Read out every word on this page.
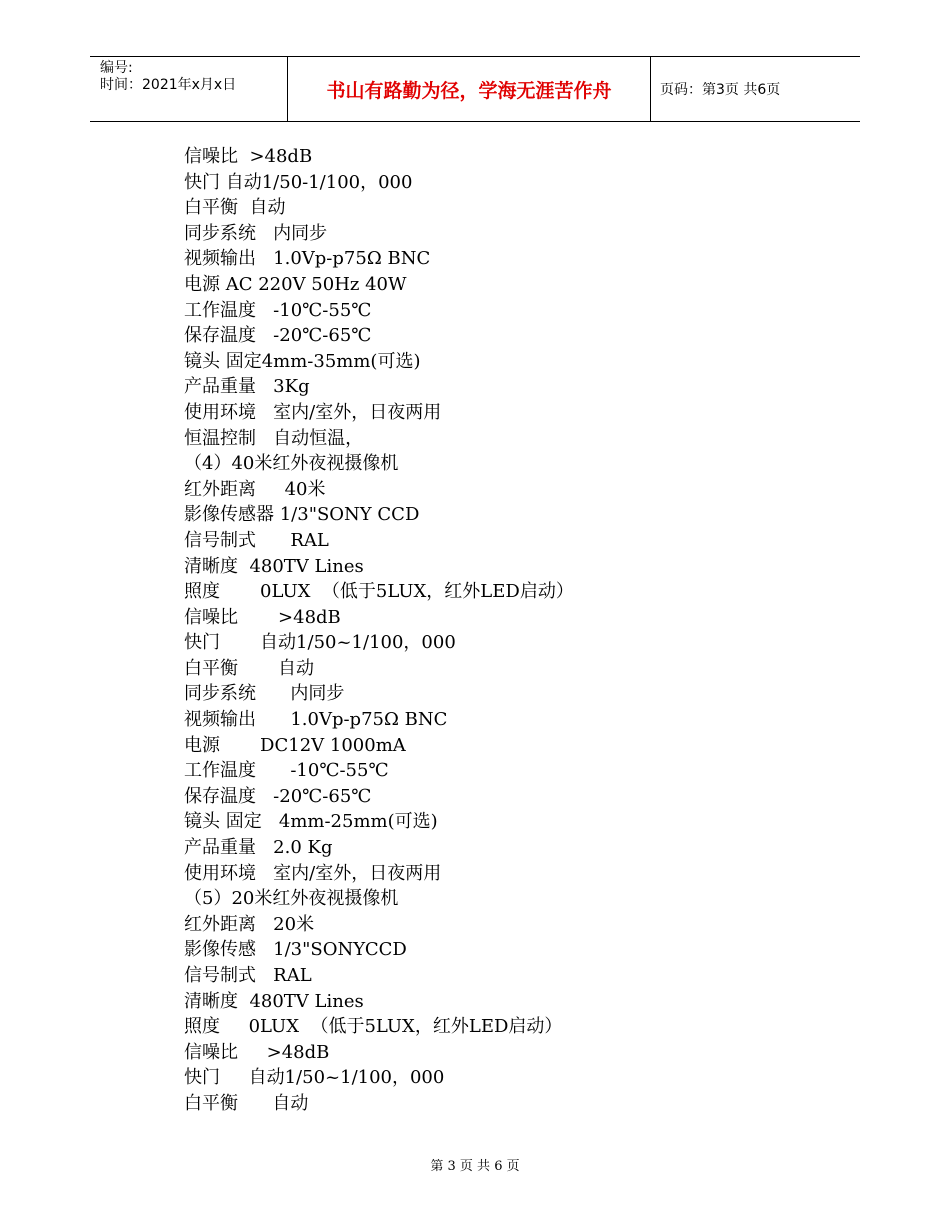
编号:
时间：2021年x月x日	书山有路勤为径，学海无涯苦作舟	页码：第3页 共6页
信噪比  >48dB
快门 自动1/50-1/100，000
白平衡  自动
同步系统   内同步
视频输出   1.0Vp-p75Ω BNC
电源 AC 220V 50Hz 40W
工作温度   -10℃-55℃
保存温度   -20℃-65℃
镜头 固定4mm-35mm(可选)
产品重量   3Kg
使用环境   室内/室外，日夜两用
恒温控制   自动恒温，
（4）40米红外夜视摄像机
红外距离     40米
影像传感器 1/3"SONY CCD
信号制式      RAL
清晰度  480TV Lines
照度       0LUX  （低于5LUX，红外LED启动）
信噪比       >48dB
快门       自动1/50~1/100，000
白平衡       自动
同步系统      内同步
视频输出      1.0Vp-p75Ω BNC
电源       DC12V 1000mA
工作温度      -10℃-55℃
保存温度   -20℃-65℃
镜头 固定   4mm-25mm(可选)
产品重量   2.0 Kg
使用环境   室内/室外，日夜两用
（5）20米红外夜视摄像机
红外距离   20米
影像传感   1/3"SONYCCD
信号制式   RAL
清晰度  480TV Lines
照度     0LUX  （低于5LUX，红外LED启动）
信噪比     >48dB
快门     自动1/50~1/100，000
白平衡      自动
第 3 页 共 6 页
